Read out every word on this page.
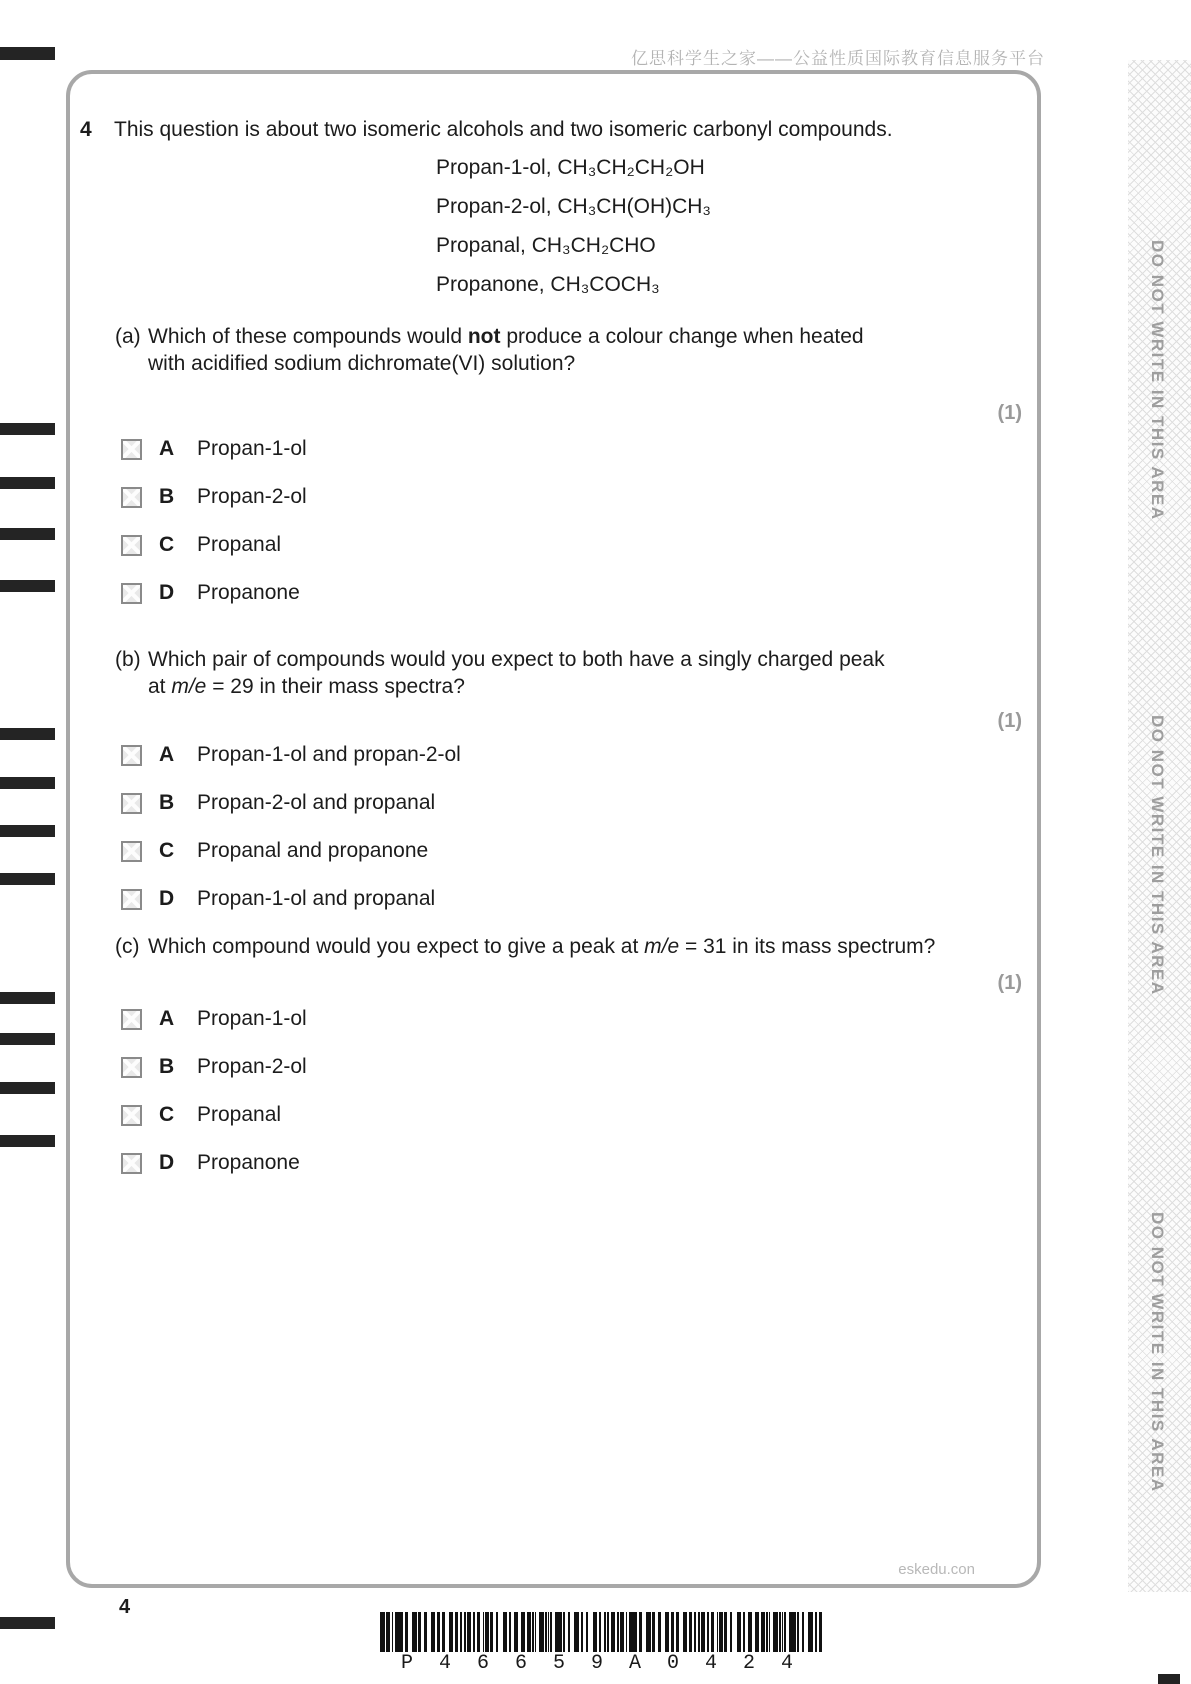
亿思科学生之家——公益性质国际教育信息服务平台
DO NOT WRITE IN THIS AREA
DO NOT WRITE IN THIS AREA
DO NOT WRITE IN THIS AREA
4 This question is about two isomeric alcohols and two isomeric carbonyl compounds.
Propan-1-ol, CH₃CH₂CH₂OH
Propan-2-ol, CH₃CH(OH)CH₃
Propanal, CH₃CH₂CHO
Propanone, CH₃COCH₃
(a) Which of these compounds would not produce a colour change when heated
with acidified sodium dichromate(VI) solution?
(1)
A	Propan-1-ol
B	Propan-2-ol
C	Propanal
D	Propanone
(b) Which pair of compounds would you expect to both have a singly charged peak
at m/e = 29 in their mass spectra?
(1)
A	Propan-1-ol and propan-2-ol
B	Propan-2-ol and propanal
C	Propanal and propanone
D	Propan-1-ol and propanal
(c) Which compound would you expect to give a peak at m/e = 31 in its mass spectrum?
(1)
A	Propan-1-ol
B	Propan-2-ol
C	Propanal
D	Propanone
eskedu.con
4
P 4 6 6 5 9 A 0 4 2 4
